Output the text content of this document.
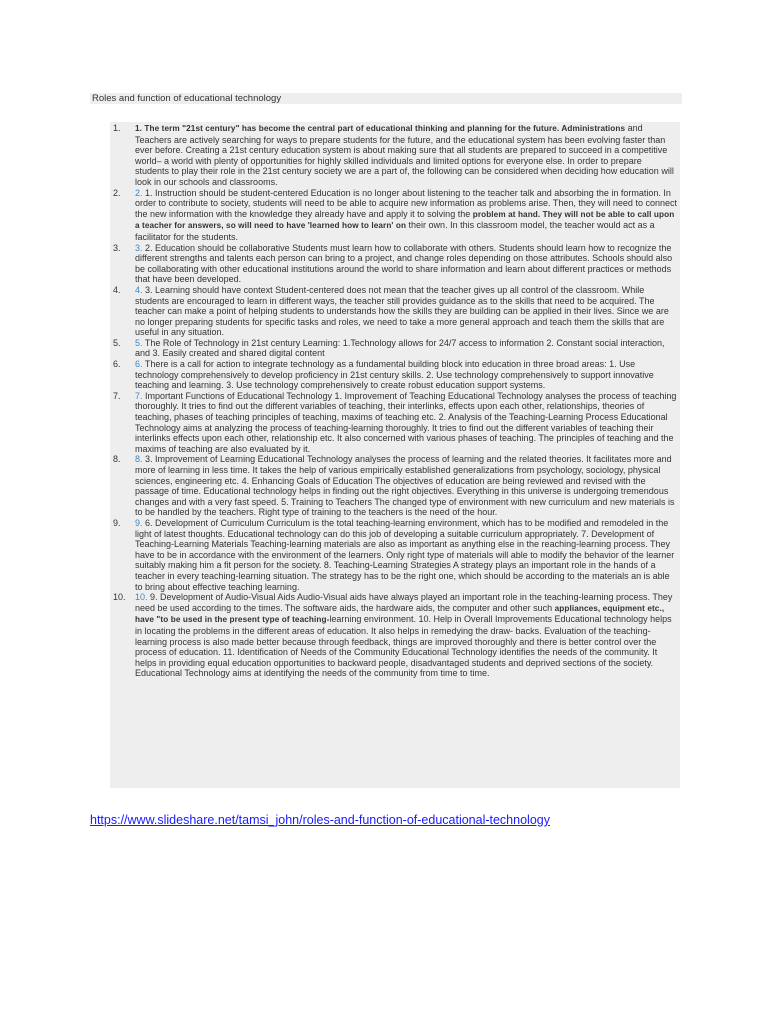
Roles and function of educational technology
1.	1. The term "21st century" has become the central part of educational thinking and planning for the future. Administrations and Teachers are actively searching for ways to prepare students for the future, and the educational system has been evolving faster than ever before. Creating a 21st century education system is about making sure that all students are prepared to succeed in a competitive world– a world with plenty of opportunities for highly skilled individuals and limited options for everyone else. In order to prepare students to play their role in the 21st century society we are a part of, the following can be considered when deciding how education will look in our schools and classrooms.
2.	2. 1. Instruction should be student-centered Education is no longer about listening to the teacher talk and absorbing the in formation. In order to contribute to society, students will need to be able to acquire new information as problems arise. Then, they will need to connect the new information with the knowledge they already have and apply it to solving the problem at hand. They will not be able to call upon a teacher for answers, so will need to have 'learned how to learn' on their own. In this classroom model, the teacher would act as a facilitator for the students.
3.	3. 2. Education should be collaborative Students must learn how to collaborate with others. Students should learn how to recognize the different strengths and talents each person can bring to a project, and change roles depending on those attributes. Schools should also be collaborating with other educational institutions around the world to share information and learn about different practices or methods that have been developed.
4.	4. 3. Learning should have context Student-centered does not mean that the teacher gives up all control of the classroom. While students are encouraged to learn in different ways, the teacher still provides guidance as to the skills that need to be acquired. The teacher can make a point of helping students to understands how the skills they are building can be applied in their lives. Since we are no longer preparing students for specific tasks and roles, we need to take a more general approach and teach them the skills that are useful in any situation.
5.	5. The Role of Technology in 21st century Learning: 1.Technology allows for 24/7 access to information 2. Constant social interaction, and 3. Easily created and shared digital content
6.	6. There is a call for action to integrate technology as a fundamental building block into education in three broad areas: 1. Use technology comprehensively to develop proficiency in 21st century skills. 2. Use technology comprehensively to support innovative teaching and learning. 3. Use technology comprehensively to create robust education support systems.
7.	7. Important Functions of Educational Technology 1. Improvement of Teaching Educational Technology analyses the process of teaching thoroughly. It tries to find out the different variables of teaching, their interlinks, effects upon each other, relationships, theories of teaching, phases of teaching principles of teaching, maxims of teaching etc. 2. Analysis of the Teaching-Learning Process Educational Technology aims at analyzing the process of teaching-learning thoroughly. It tries to find out the different variables of teaching their interlinks effects upon each other, relationship etc. It also concerned with various phases of teaching. The principles of teaching and the maxims of teaching are also evaluated by it.
8.	8. 3. Improvement of Learning Educational Technology analyses the process of learning and the related theories. It facilitates more and more of learning in less time. It takes the help of various empirically established generalizations from psychology, sociology, physical sciences, engineering etc. 4. Enhancing Goals of Education The objectives of education are being reviewed and revised with the passage of time. Educational technology helps in finding out the right objectives. Everything in this universe is undergoing tremendous changes and with a very fast speed. 5. Training to Teachers The changed type of environment with new curriculum and new materials is to be handled by the teachers. Right type of training to the teachers is the need of the hour.
9.	9. 6. Development of Curriculum Curriculum is the total teaching-learning environment, which has to be modified and remodeled in the light of latest thoughts. Educational technology can do this job of developing a suitable curriculum appropriately. 7. Development of Teaching-Learning Materials Teaching-learning materials are also as important as anything else in the reaching-learning process. They have to be in accordance with the environment of the learners. Only right type of materials will able to modify the behavior of the learner suitably making him a fit person for the society. 8. Teaching-Learning Strategies A strategy plays an important role in the hands of a teacher in every teaching-learning situation. The strategy has to be the right one, which should be according to the materials an is able to bring about effective teaching learning.
10.	10. 9. Development of Audio-Visual Aids Audio-Visual aids have always played an important role in the teaching-learning process. They need be used according to the times. The software aids, the hardware aids, the computer and other such appliances, equipment etc., have "to be used in the present type of teaching-learning environment. 10. Help in Overall Improvements Educational technology helps in locating the problems in the different areas of education. It also helps in remedying the draw- backs. Evaluation of the teaching-learning process is also made better because through feedback, things are improved thoroughly and there is better control over the process of education. 11. Identification of Needs of the Community Educational Technology identifies the needs of the community. It helps in providing equal education opportunities to backward people, disadvantaged students and deprived sections of the society. Educational Technology aims at identifying the needs of the community from time to time.
https://www.slideshare.net/tamsi_john/roles-and-function-of-educational-technology
